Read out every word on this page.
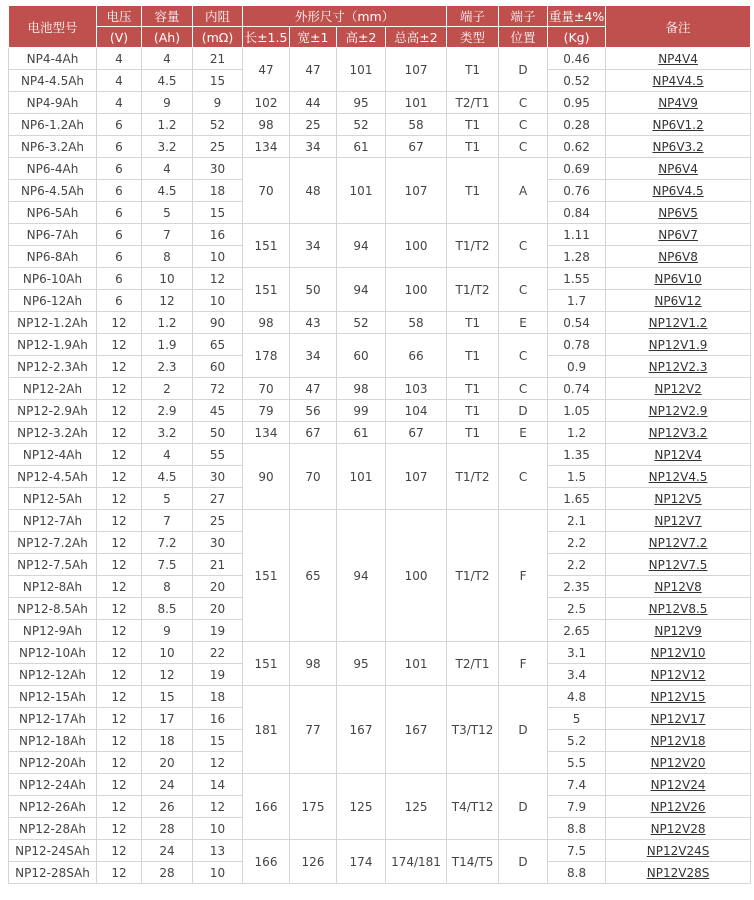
电池型号	电压	容量	内阻	外形尺寸（mm）				端子	端子	重量±4%	备注
	(V)	(Ah)	(mΩ)	长±1.5	宽±1	高±2	总高±2	类型	位置	(Kg)	
NP4-4Ah	4	4	21	47	47	101	107	T1	D	0.46	NP4V4
NP4-4.5Ah	4	4.5	15							0.52	NP4V4.5
NP4-9Ah	4	9	9	102	44	95	101	T2/T1	C	0.95	NP4V9
NP6-1.2Ah	6	1.2	52	98	25	52	58	T1	C	0.28	NP6V1.2
NP6-3.2Ah	6	3.2	25	134	34	61	67	T1	C	0.62	NP6V3.2
NP6-4Ah	6	4	30	70	48	101	107	T1	A	0.69	NP6V4
NP6-4.5Ah	6	4.5	18							0.76	NP6V4.5
NP6-5Ah	6	5	15							0.84	NP6V5
NP6-7Ah	6	7	16	151	34	94	100	T1/T2	C	1.11	NP6V7
NP6-8Ah	6	8	10							1.28	NP6V8
NP6-10Ah	6	10	12	151	50	94	100	T1/T2	C	1.55	NP6V10
NP6-12Ah	6	12	10							1.7	NP6V12
NP12-1.2Ah	12	1.2	90	98	43	52	58	T1	E	0.54	NP12V1.2
NP12-1.9Ah	12	1.9	65	178	34	60	66	T1	C	0.78	NP12V1.9
NP12-2.3Ah	12	2.3	60							0.9	NP12V2.3
NP12-2Ah	12	2	72	70	47	98	103	T1	C	0.74	NP12V2
NP12-2.9Ah	12	2.9	45	79	56	99	104	T1	D	1.05	NP12V2.9
NP12-3.2Ah	12	3.2	50	134	67	61	67	T1	E	1.2	NP12V3.2
NP12-4Ah	12	4	55	90	70	101	107	T1/T2	C	1.35	NP12V4
NP12-4.5Ah	12	4.5	30							1.5	NP12V4.5
NP12-5Ah	12	5	27							1.65	NP12V5
NP12-7Ah	12	7	25	151	65	94	100	T1/T2	F	2.1	NP12V7
NP12-7.2Ah	12	7.2	30							2.2	NP12V7.2
NP12-7.5Ah	12	7.5	21							2.2	NP12V7.5
NP12-8Ah	12	8	20							2.35	NP12V8
NP12-8.5Ah	12	8.5	20							2.5	NP12V8.5
NP12-9Ah	12	9	19							2.65	NP12V9
NP12-10Ah	12	10	22	151	98	95	101	T2/T1	F	3.1	NP12V10
NP12-12Ah	12	12	19							3.4	NP12V12
NP12-15Ah	12	15	18	181	77	167	167	T3/T12	D	4.8	NP12V15
NP12-17Ah	12	17	16							5	NP12V17
NP12-18Ah	12	18	15							5.2	NP12V18
NP12-20Ah	12	20	12							5.5	NP12V20
NP12-24Ah	12	24	14	166	175	125	125	T4/T12	D	7.4	NP12V24
NP12-26Ah	12	26	12							7.9	NP12V26
NP12-28Ah	12	28	10							8.8	NP12V28
NP12-24SAh	12	24	13	166	126	174	174/181	T14/T5	D	7.5	NP12V24S
NP12-28SAh	12	28	10							8.8	NP12V28S
